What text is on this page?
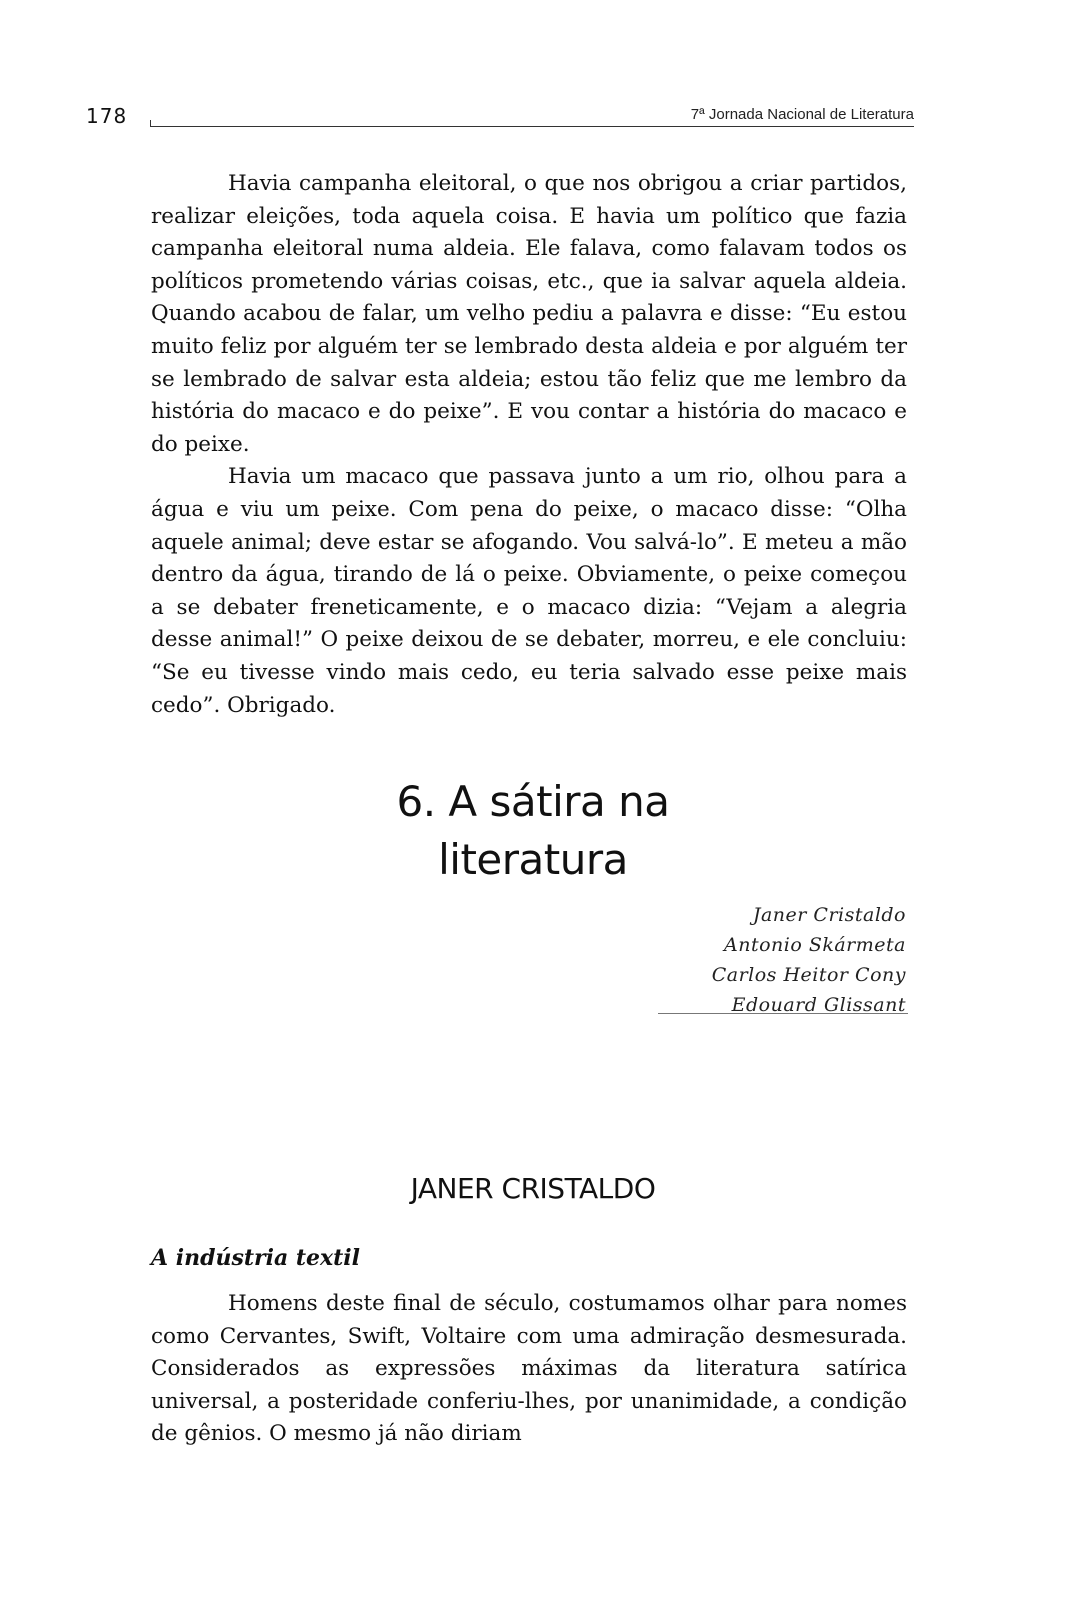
178	7ª Jornada Nacional de Literatura

Havia campanha eleitoral, o que nos obrigou a criar partidos, realizar eleições, toda aquela coisa. E havia um político que fazia campanha eleitoral numa aldeia. Ele falava, como falavam todos os políticos prometendo várias coisas, etc., que ia salvar aquela aldeia. Quando acabou de falar, um velho pediu a palavra e disse: “Eu estou muito feliz por alguém ter se lembrado desta aldeia e por alguém ter se lembrado de salvar esta aldeia; estou tão feliz que me lembro da história do macaco e do peixe”. E vou contar a história do macaco e do peixe.

Havia um macaco que passava junto a um rio, olhou para a água e viu um peixe. Com pena do peixe, o macaco disse: “Olha aquele animal; deve estar se afogando. Vou salvá-lo”. E meteu a mão dentro da água, tirando de lá o peixe. Obviamente, o peixe começou a se debater freneticamente, e o macaco dizia: “Vejam a alegria desse animal!” O peixe deixou de se debater, morreu, e ele concluiu: “Se eu tivesse vindo mais cedo, eu teria salvado esse peixe mais cedo”. Obrigado.

6. A sátira na
literatura
Janer Cristaldo
Antonio Skármeta
Carlos Heitor Cony
Edouard Glissant
JANER CRISTALDO
A indústria textil

Homens deste final de século, costumamos olhar para nomes como Cervantes, Swift, Voltaire com uma admiração desmesurada. Considerados as expressões máximas da literatura satírica universal, a posteridade conferiu-lhes, por unanimidade, a condição de gênios. O mesmo já não diriam
